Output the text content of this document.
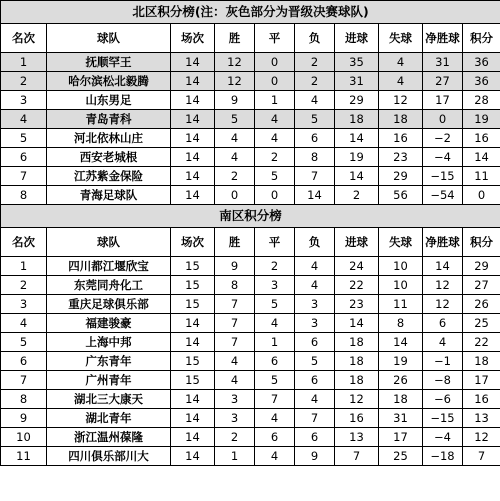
北区积分榜(注：灰色部分为晋级决赛球队)									
名次	球队	场次	胜	平	负	进球	失球	净胜球	积分
1	抚顺罕王	14	12	0	2	35	4	31	36
2	哈尔滨松北毅腾	14	12	0	2	31	4	27	36
3	山东男足	14	9	1	4	29	12	17	28
4	青岛青科	14	5	4	5	18	18	0	19
5	河北依林山庄	14	4	4	6	14	16	−2	16
6	西安老城根	14	4	2	8	19	23	−4	14
7	江苏紫金保险	14	2	5	7	14	29	−15	11
8	青海足球队	14	0	0	14	2	56	−54	0
南区积分榜									
名次	球队	场次	胜	平	负	进球	失球	净胜球	积分
1	四川都江堰欣宝	15	9	2	4	24	10	14	29
2	东莞同舟化工	15	8	3	4	22	10	12	27
3	重庆足球俱乐部	15	7	5	3	23	11	12	26
4	福建骏豪	14	7	4	3	14	8	6	25
5	上海中邦	14	7	1	6	18	14	4	22
6	广东青年	15	4	6	5	18	19	−1	18
7	广州青年	15	4	5	6	18	26	−8	17
8	湖北三大康天	14	3	7	4	12	18	−6	16
9	湖北青年	14	3	4	7	16	31	−15	13
10	浙江温州葆隆	14	2	6	6	13	17	−4	12
11	四川俱乐部川大	14	1	4	9	7	25	−18	7
